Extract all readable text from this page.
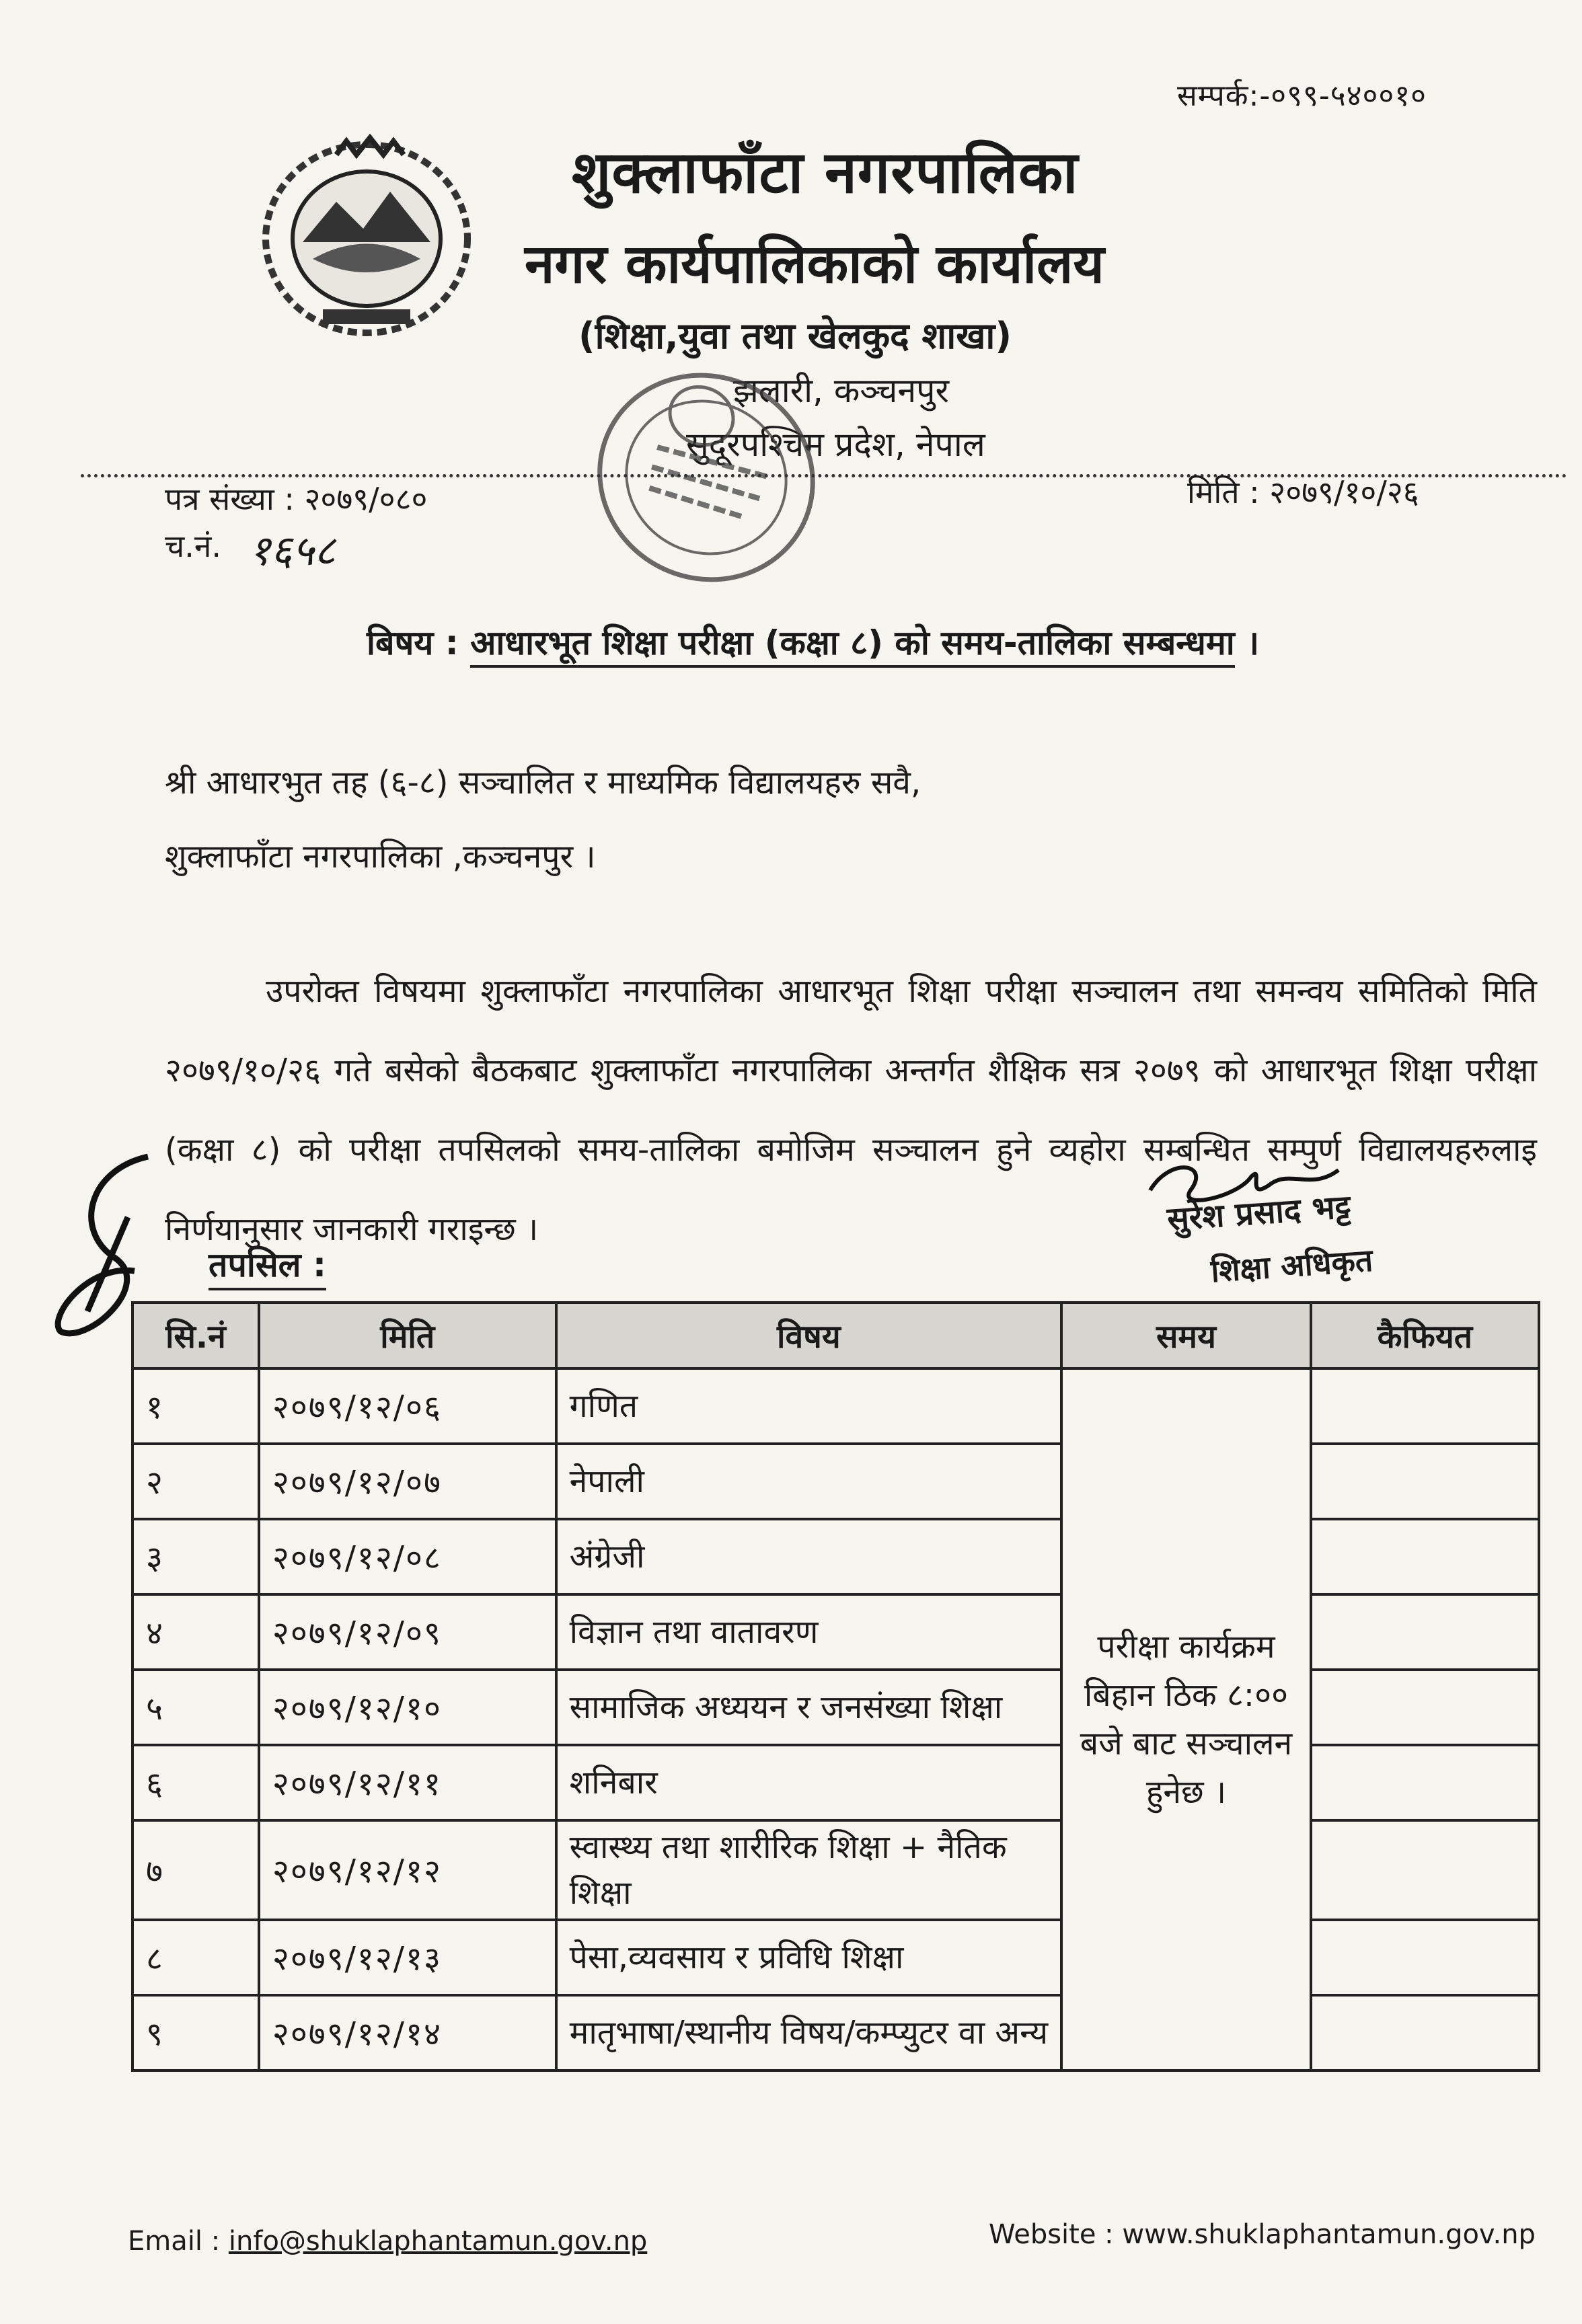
सम्पर्क:-०९९-५४००१०
शुक्लाफाँटा नगरपालिका
नगर कार्यपालिकाको कार्यालय
(शिक्षा,युवा तथा खेलकुद शाखा)
झलारी, कञ्चनपुर
सुदूरपश्चिम प्रदेश, नेपाल
पत्र संख्या : २०७९/०८०	मिति : २०७९/१०/२६
च.नं. १६५८
बिषय : आधारभूत शिक्षा परीक्षा (कक्षा ८) को समय-तालिका सम्बन्धमा ।
श्री आधारभुत तह (६-८) सञ्चालित र माध्यमिक विद्यालयहरु सवै,
शुक्लाफाँटा नगरपालिका ,कञ्चनपुर ।
उपरोक्त विषयमा शुक्लाफाँटा नगरपालिका आधारभूत शिक्षा परीक्षा सञ्चालन तथा समन्वय समितिको मिति २०७९/१०/२६ गते बसेको बैठकबाट शुक्लाफाँटा नगरपालिका अन्तर्गत शैक्षिक सत्र २०७९ को आधारभूत शिक्षा परीक्षा (कक्षा ८) को परीक्षा तपसिलको समय-तालिका बमोजिम सञ्चालन हुने व्यहोरा सम्बन्धित सम्पुर्ण विद्यालयहरुलाइ निर्णयानुसार जानकारी गराइन्छ ।	सुरेश प्रसाद भट्ट
शिक्षा अधिकृत
तपसिल :
सि.नं	मिति	विषय	समय	कैफियत
१	२०७९/१२/०६	गणित	परीक्षा कार्यक्रम बिहान ठिक ८:०० बजे बाट सञ्चालन हुनेछ ।	
२	२०७९/१२/०७	नेपाली		
३	२०७९/१२/०८	अंग्रेजी		
४	२०७९/१२/०९	विज्ञान तथा वातावरण		
५	२०७९/१२/१०	सामाजिक अध्ययन र जनसंख्या शिक्षा		
६	२०७९/१२/११	शनिबार		
७	२०७९/१२/१२	स्वास्थ्य तथा शारीरिक शिक्षा + नैतिक शिक्षा		
८	२०७९/१२/१३	पेसा,व्यवसाय र प्रविधि शिक्षा		
९	२०७९/१२/१४	मातृभाषा/स्थानीय विषय/कम्प्युटर वा अन्य		
Email : info@shuklaphantamun.gov.np	Website : www.shuklaphantamun.gov.np
